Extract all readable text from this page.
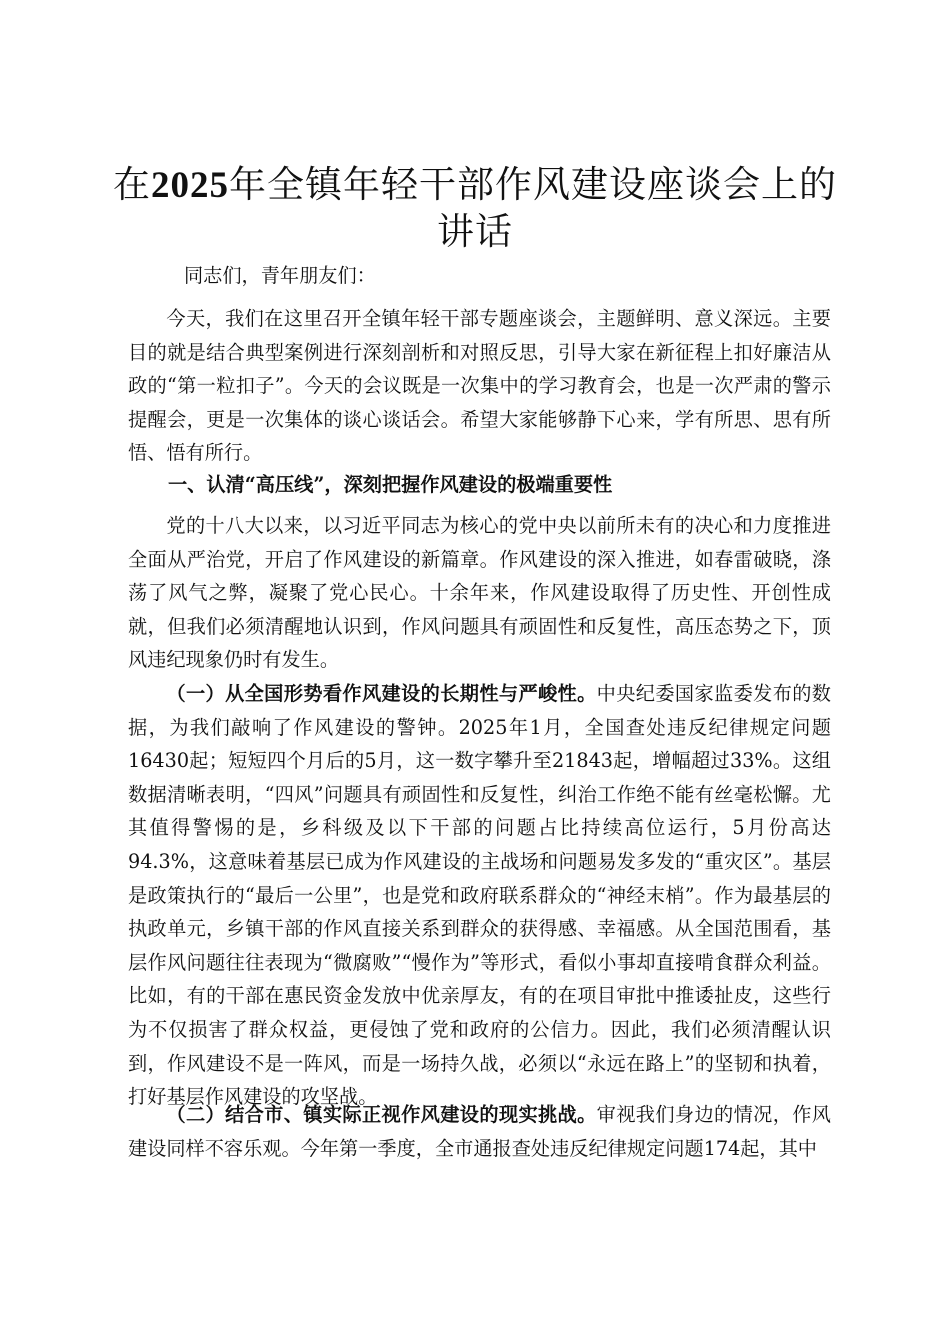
在2025年全镇年轻干部作风建设座谈会上的讲话
同志们，青年朋友们：

今天，我们在这里召开全镇年轻干部专题座谈会，主题鲜明、意义深远。主要目的就是结合典型案例进行深刻剖析和对照反思，引导大家在新征程上扣好廉洁从政的“第一粒扣子”。今天的会议既是一次集中的学习教育会，也是一次严肃的警示提醒会，更是一次集体的谈心谈话会。希望大家能够静下心来，学有所思、思有所悟、悟有所行。

一、认清“高压线”，深刻把握作风建设的极端重要性

党的十八大以来，以习近平同志为核心的党中央以前所未有的决心和力度推进全面从严治党，开启了作风建设的新篇章。作风建设的深入推进，如春雷破晓，涤荡了风气之弊，凝聚了党心民心。十余年来，作风建设取得了历史性、开创性成就，但我们必须清醒地认识到，作风问题具有顽固性和反复性，高压态势之下，顶风违纪现象仍时有发生。

（一）从全国形势看作风建设的长期性与严峻性。中央纪委国家监委发布的数据，为我们敲响了作风建设的警钟。2025年1月，全国查处违反纪律规定问题16430起；短短四个月后的5月，这一数字攀升至21843起，增幅超过33%。这组数据清晰表明，“四风”问题具有顽固性和反复性，纠治工作绝不能有丝毫松懈。尤其值得警惕的是，乡科级及以下干部的问题占比持续高位运行，5月份高达94.3%，这意味着基层已成为作风建设的主战场和问题易发多发的“重灾区”。基层是政策执行的“最后一公里”，也是党和政府联系群众的“神经末梢”。作为最基层的执政单元，乡镇干部的作风直接关系到群众的获得感、幸福感。从全国范围看，基层作风问题往往表现为“微腐败”“慢作为”等形式，看似小事却直接啃食群众利益。比如，有的干部在惠民资金发放中优亲厚友，有的在项目审批中推诿扯皮，这些行为不仅损害了群众权益，更侵蚀了党和政府的公信力。因此，我们必须清醒认识到，作风建设不是一阵风，而是一场持久战，必须以“永远在路上”的坚韧和执着，打好基层作风建设的攻坚战。

（二）结合市、镇实际正视作风建设的现实挑战。审视我们身边的情况，作风建设同样不容乐观。今年第一季度，全市通报查处违反纪律规定问题174起，其中
